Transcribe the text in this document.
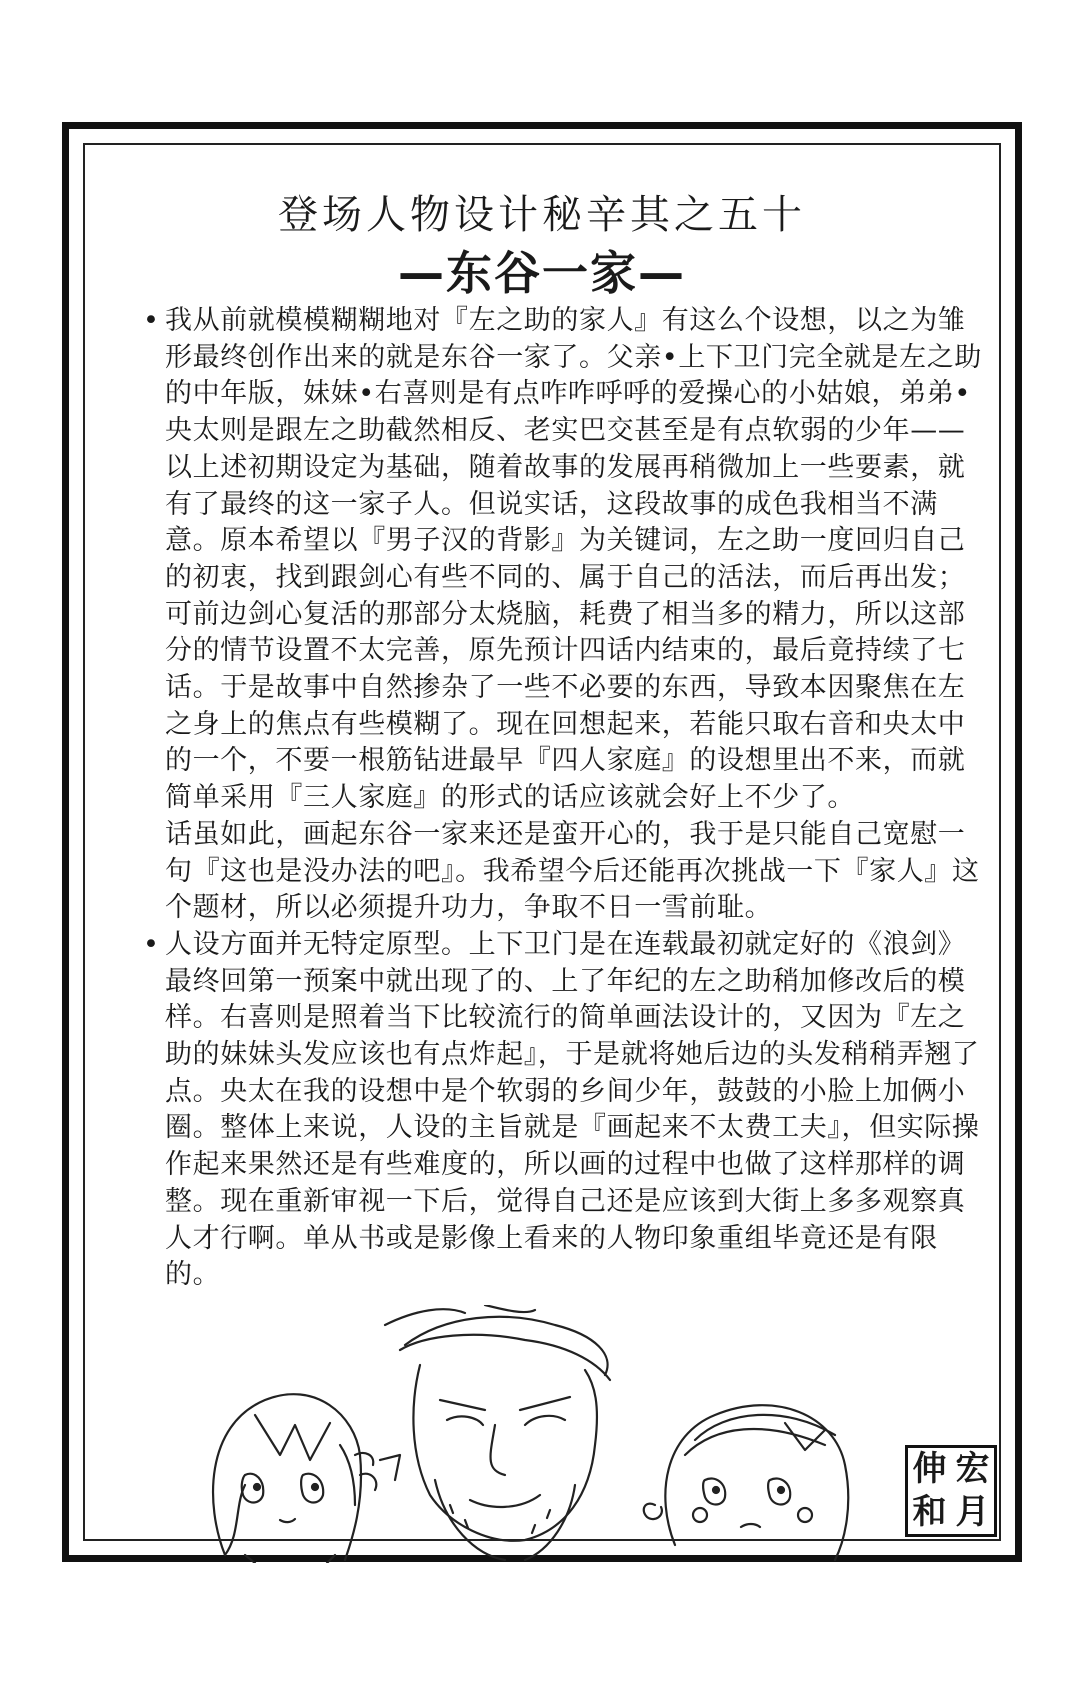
登场人物设计秘辛其之五十
—东谷一家—

• 我从前就模模糊糊地对『左之助的家人』有这么个设想，以之为雏形最终创作出来的就是东谷一家了。父亲•上下卫门完全就是左之助的中年版，妹妹•右喜则是有点咋咋呼呼的爱操心的小姑娘，弟弟•央太则是跟左之助截然相反、老实巴交甚至是有点软弱的少年——以上述初期设定为基础，随着故事的发展再稍微加上一些要素，就有了最终的这一家子人。但说实话，这段故事的成色我相当不满意。原本希望以『男子汉的背影』为关键词，左之助一度回归自己的初衷，找到跟剑心有些不同的、属于自己的活法，而后再出发；可前边剑心复活的那部分太烧脑，耗费了相当多的精力，所以这部分的情节设置不太完善，原先预计四话内结束的，最后竟持续了七话。于是故事中自然掺杂了一些不必要的东西，导致本因聚焦在左之身上的焦点有些模糊了。现在回想起来，若能只取右音和央太中的一个，不要一根筋钻进最早『四人家庭』的设想里出不来，而就简单采用『三人家庭』的形式的话应该就会好上不少了。

话虽如此，画起东谷一家来还是蛮开心的，我于是只能自己宽慰一句『这也是没办法的吧』。我希望今后还能再次挑战一下『家人』这个题材，所以必须提升功力，争取不日一雪前耻。

• 人设方面并无特定原型。上下卫门是在连载最初就定好的《浪剑》最终回第一预案中就出现了的、上了年纪的左之助稍加修改后的模样。右喜则是照着当下比较流行的简单画法设计的，又因为『左之助的妹妹头发应该也有点炸起』，于是就将她后边的头发稍稍弄翘了点。央太在我的设想中是个软弱的乡间少年，鼓鼓的小脸上加俩小圈。整体上来说，人设的主旨就是『画起来不太费工夫』，但实际操作起来果然还是有些难度的，所以画的过程中也做了这样那样的调整。现在重新审视一下后，觉得自己还是应该到大街上多多观察真人才行啊。单从书或是影像上看来的人物印象重组毕竟还是有限的。

伸 宏
和 月
